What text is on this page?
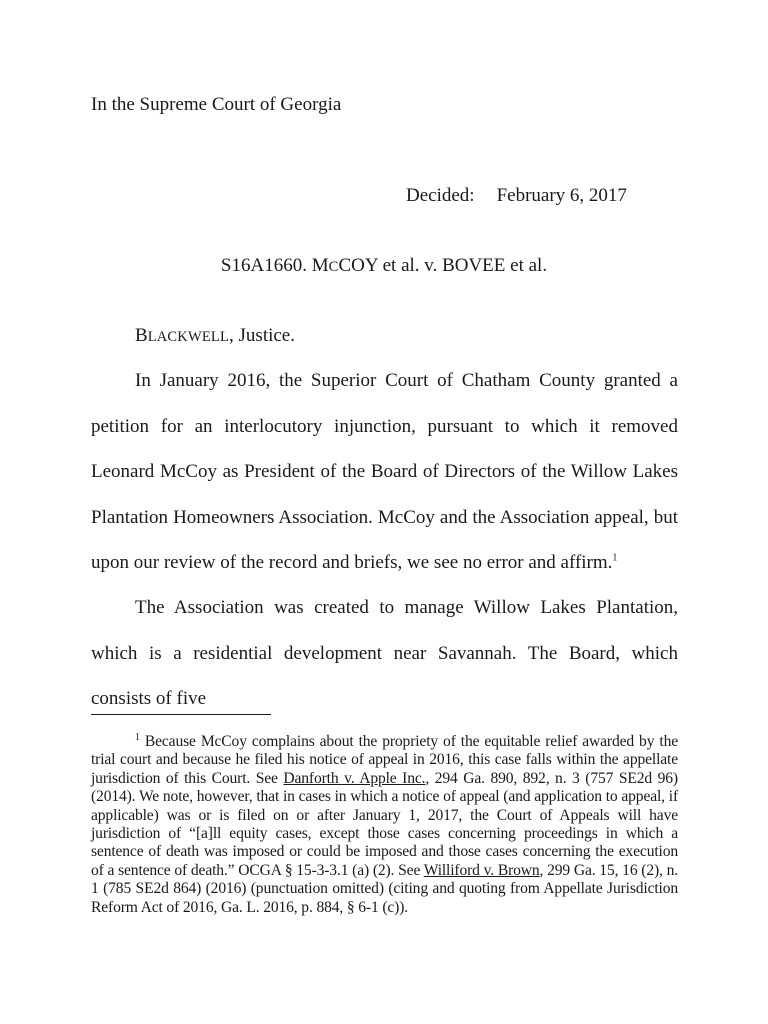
In the Supreme Court of Georgia
Decided: February 6, 2017
S16A1660. MCCOY et al. v. BOVEE et al.
BLACKWELL, Justice.

In January 2016, the Superior Court of Chatham County granted a petition for an interlocutory injunction, pursuant to which it removed Leonard McCoy as President of the Board of Directors of the Willow Lakes Plantation Homeowners Association. McCoy and the Association appeal, but upon our review of the record and briefs, we see no error and affirm.$^1$

The Association was created to manage Willow Lakes Plantation, which is a residential development near Savannah. The Board, which consists of five

$^1$ Because McCoy complains about the propriety of the equitable relief awarded by the trial court and because he filed his notice of appeal in 2016, this case falls within the appellate jurisdiction of this Court. See Danforth v. Apple Inc., 294 Ga. 890, 892, n. 3 (757 SE2d 96) (2014). We note, however, that in cases in which a notice of appeal (and application to appeal, if applicable) was or is filed on or after January 1, 2017, the Court of Appeals will have jurisdiction of “[a]ll equity cases, except those cases concerning proceedings in which a sentence of death was imposed or could be imposed and those cases concerning the execution of a sentence of death.” OCGA § 15-3-3.1 (a) (2). See Williford v. Brown, 299 Ga. 15, 16 (2), n. 1 (785 SE2d 864) (2016) (punctuation omitted) (citing and quoting from Appellate Jurisdiction Reform Act of 2016, Ga. L. 2016, p. 884, § 6-1 (c)).
